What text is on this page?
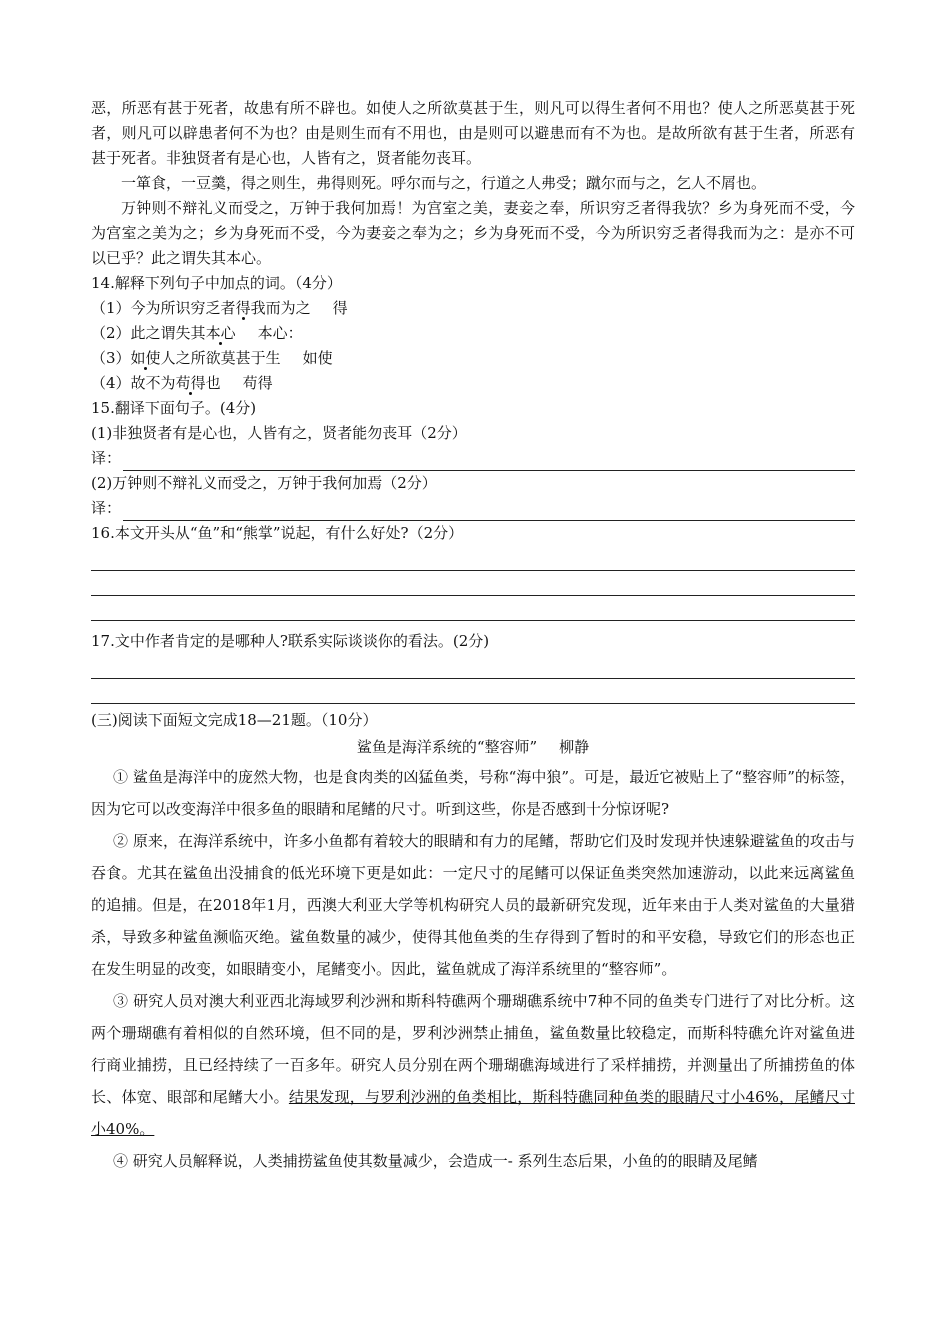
恶，所恶有甚于死者，故患有所不辟也。如使人之所欲莫甚于生，则凡可以得生者何不用也？使人之所恶莫甚于死者，则凡可以辟患者何不为也？由是则生而有不用也，由是则可以避患而有不为也。是故所欲有甚于生者，所恶有甚于死者。非独贤者有是心也，人皆有之，贤者能勿丧耳。

一箪食，一豆羹，得之则生，弗得则死。呼尔而与之，行道之人弗受；蹴尔而与之，乞人不屑也。

万钟则不辩礼义而受之，万钟于我何加焉！为宫室之美，妻妾之奉，所识穷乏者得我欤？乡为身死而不受，今为宫室之美为之；乡为身死而不受，今为妻妾之奉为之；乡为身死而不受，今为所识穷乏者得我而为之：是亦不可以已乎？此之谓失其本心。

14.解释下列句子中加点的词。（4分）
（1）今为所识穷乏者得我而为之 得
（2）此之谓失其本心 本心：
（3）如使人之所欲莫甚于生 如使
（4）故不为苟得也 苟得
15.翻译下面句子。(4分)
(1)非独贤者有是心也，人皆有之，贤者能勿丧耳（2分）
译：
(2)万钟则不辩礼义而受之，万钟于我何加焉（2分）
译：
16.本文开头从“鱼”和“熊掌”说起，有什么好处?（2分）
17.文中作者肯定的是哪种人?联系实际谈谈你的看法。(2分)
(三)阅读下面短文完成18—21题。（10分）
鲨鱼是海洋系统的“整容师” 柳静

① 鲨鱼是海洋中的庞然大物，也是食肉类的凶猛鱼类，号称“海中狼”。可是，最近它被贴上了“整容师”的标签，因为它可以改变海洋中很多鱼的眼睛和尾鳍的尺寸。听到这些，你是否感到十分惊讶呢?

② 原来，在海洋系统中，许多小鱼都有着较大的眼睛和有力的尾鳍，帮助它们及时发现并快速躲避鲨鱼的攻击与吞食。尤其在鲨鱼出没捕食的低光环境下更是如此：一定尺寸的尾鳍可以保证鱼类突然加速游动，以此来远离鲨鱼的追捕。但是，在2018年1月，西澳大利亚大学等机构研究人员的最新研究发现，近年来由于人类对鲨鱼的大量猎杀，导致多种鲨鱼濒临灭绝。鲨鱼数量的减少，使得其他鱼类的生存得到了暂时的和平安稳，导致它们的形态也正在发生明显的改变，如眼睛变小，尾鳍变小。因此，鲨鱼就成了海洋系统里的“整容师”。

③ 研究人员对澳大利亚西北海域罗利沙洲和斯科特礁两个珊瑚礁系统中7种不同的鱼类专门进行了对比分析。这两个珊瑚礁有着相似的自然环境，但不同的是，罗利沙洲禁止捕鱼，鲨鱼数量比较稳定，而斯科特礁允许对鲨鱼进行商业捕捞，且已经持续了一百多年。研究人员分别在两个珊瑚礁海域进行了采样捕捞，并测量出了所捕捞鱼的体长、体宽、眼部和尾鳍大小。结果发现，与罗利沙洲的鱼类相比，斯科特礁同种鱼类的眼睛尺寸小46%，尾鳍尺寸小40%。

④ 研究人员解释说，人类捕捞鲨鱼使其数量减少，会造成一- 系列生态后果，小鱼的的眼睛及尾鳍
